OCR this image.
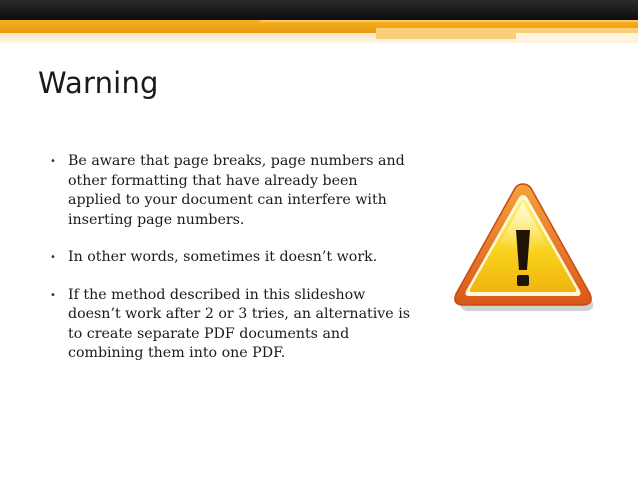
Warning
• Be aware that page breaks, page numbers and other formatting that have already been applied to your document can interfere with inserting page numbers.
• In other words, sometimes it doesn’t work.
• If the method described in this slideshow doesn’t work after 2 or 3 tries, an alternative is to create separate PDF documents and combining them into one PDF.
